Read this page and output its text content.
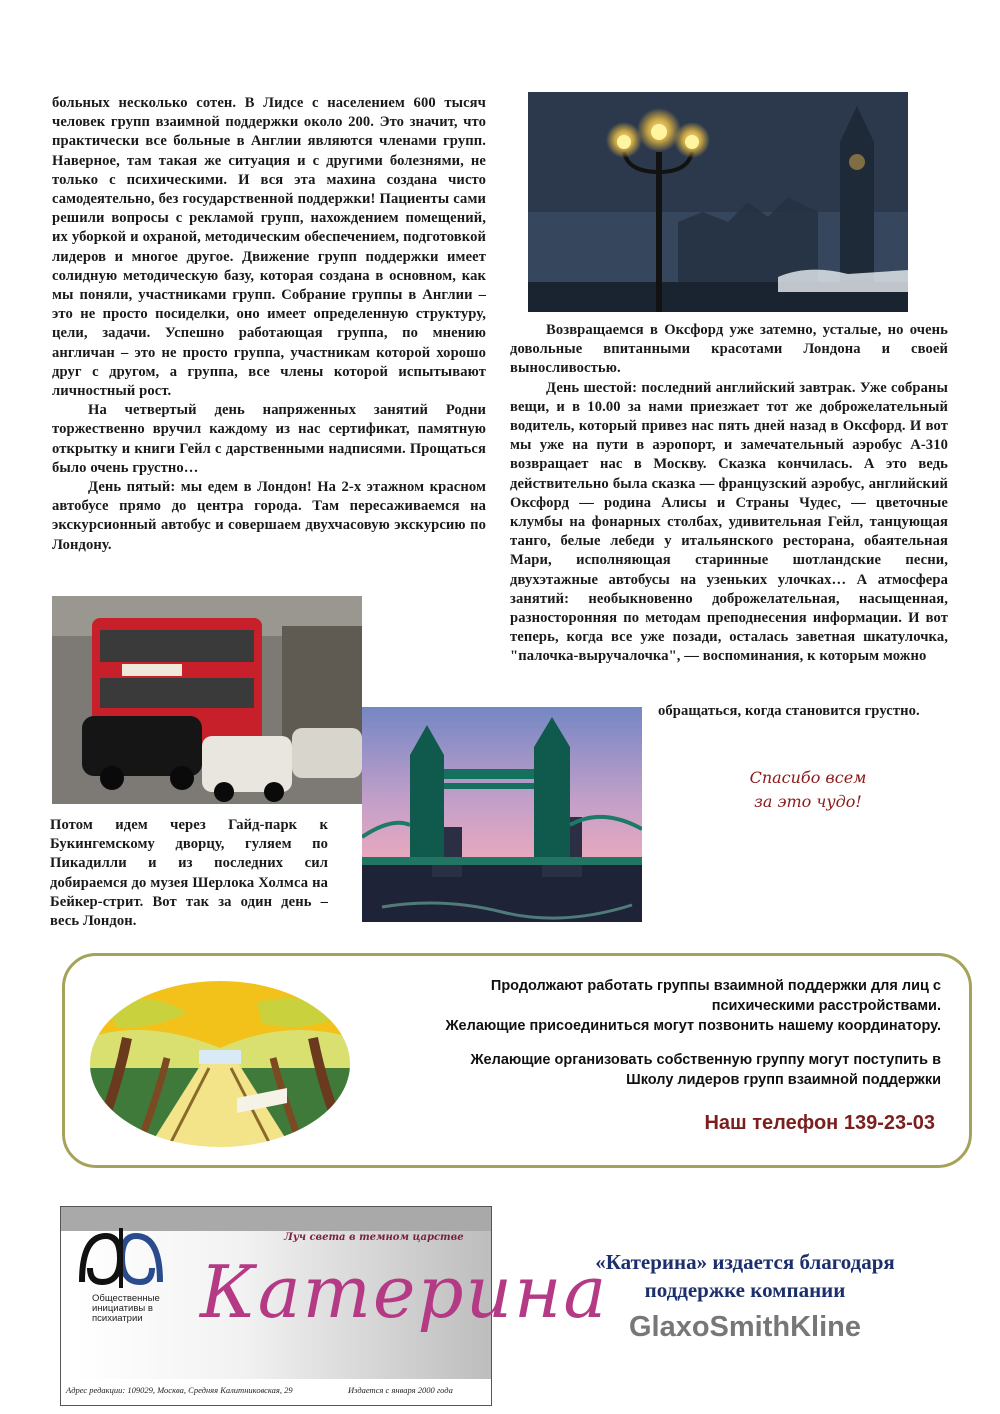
больных несколько сотен. В Лидсе с населением 600 тысяч человек групп взаимной поддержки около 200. Это значит, что практически все больные в Англии являются членами групп. Наверное, там такая же ситуация и с другими болезнями, не только с психическими. И вся эта махина создана чисто самодеятельно, без государственной поддержки! Пациенты сами решили вопросы с рекламой групп, нахождением помещений, их уборкой и охраной, методическим обеспечением, подготовкой лидеров и многое другое. Движение групп поддержки имеет солидную методическую базу, которая создана в основном, как мы поняли, участниками групп. Собрание группы в Англии – это не просто посиделки, оно имеет определенную структуру, цели, задачи. Успешно работающая группа, по мнению англичан – это не просто группа, участникам которой хорошо друг с другом, а группа, все члены которой испытывают личностный рост.

На четвертый день напряженных занятий Родни торжественно вручил каждому из нас сертификат, памятную открытку и книги Гейл с дарственными надписями. Прощаться было очень грустно…

День пятый: мы едем в Лондон! На 2-х этажном красном автобусе прямо до центра города. Там пересаживаемся на экскурсионный автобус и совершаем двухчасовую экскурсию по Лондону.

Возвращаемся в Оксфорд уже затемно, усталые, но очень довольные впитанными красотами Лондона и своей выносливостью.

День шестой: последний английский завтрак. Уже собраны вещи, и в 10.00 за нами приезжает тот же доброжелательный водитель, который привез нас пять дней назад в Оксфорд. И вот мы уже на пути в аэропорт, и замечательный аэробус А-310 возвращает нас в Москву. Сказка кончилась. А это ведь действительно была сказка — французский аэробус, английский Оксфорд — родина Алисы и Страны Чудес, — цветочные клумбы на фонарных столбах, удивительная Гейл, танцующая танго, белые лебеди у итальянского ресторана, обаятельная Мари, исполняющая старинные шотландские песни, двухэтажные автобусы на узеньких улочках… А атмосфера занятий: необыкновенно доброжелательная, насыщенная, разносторонняя по методам преподнесения информации. И вот теперь, когда все уже позади, осталась заветная шкатулочка, "палочка-выручалочка", — воспоминания, к которым можно

обращаться, когда становится грустно.
Потом идем через Гайд-парк к Букингемскому дворцу, гуляем по Пикадилли и из последних сил добираемся до музея Шерлока Холмса на Бейкер-стрит. Вот так за один день – весь Лондон.
Спасибо всем
за это чудо!
Продолжают работать группы взаимной поддержки для лиц с
психическими расстройствами.
Желающие присоединиться могут позвонить нашему координатору.
Желающие организовать собственную группу могут поступить в
Школу лидеров групп взаимной поддержки
Наш телефон 139-23-03
Луч света в темном царстве
Общественные инициативы в психиатрии Катерина
Адрес редакции: 109029, Москва, Средняя Калитниковская, 29	Издается с января 2000 года
«Катерина» издается благодаря
поддержке компании
GlaxoSmithKline
